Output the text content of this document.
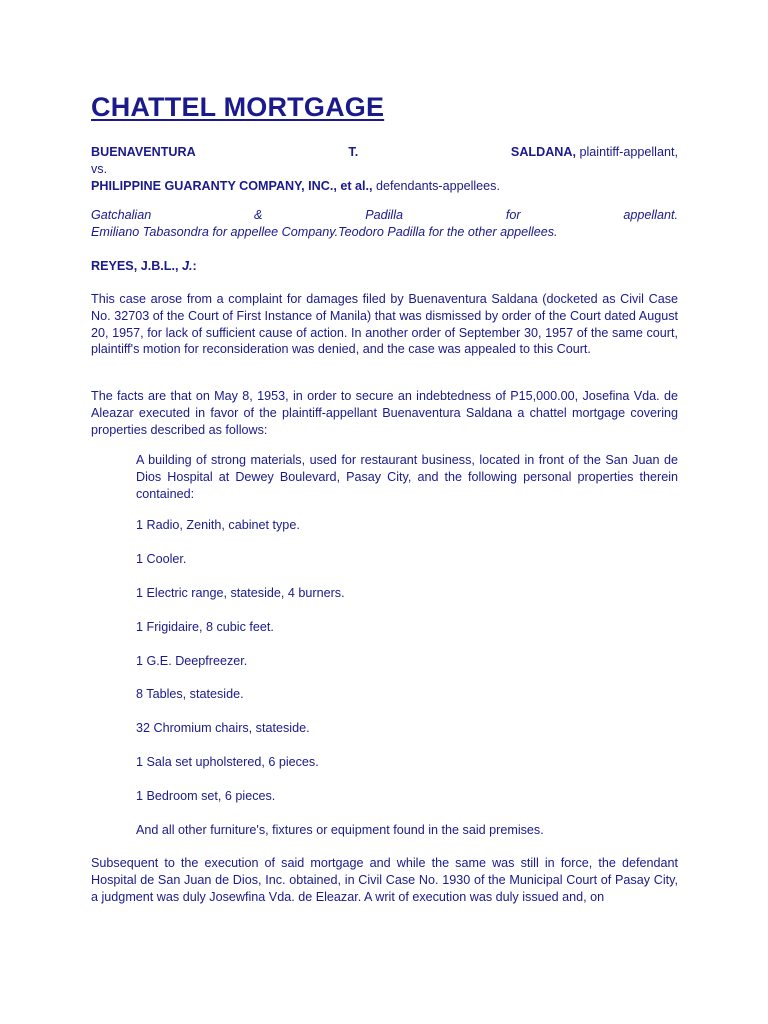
CHATTEL MORTGAGE
BUENAVENTURA	T.	SALDANA, plaintiff-appellant,
vs.
PHILIPPINE GUARANTY COMPANY, INC., et al., defendants-appellees.
Gatchalian	&	Padilla	for	appellant.
Emiliano Tabasondra for appellee Company.Teodoro Padilla for the other appellees.
REYES, J.B.L., J.:
This case arose from a complaint for damages filed by Buenaventura Saldana (docketed as Civil Case No. 32703 of the Court of First Instance of Manila) that was dismissed by order of the Court dated August 20, 1957, for lack of sufficient cause of action. In another order of September 30, 1957 of the same court, plaintiff's motion for reconsideration was denied, and the case was appealed to this Court.
The facts are that on May 8, 1953, in order to secure an indebtedness of P15,000.00, Josefina Vda. de Aleazar executed in favor of the plaintiff-appellant Buenaventura Saldana a chattel mortgage covering properties described as follows:
A building of strong materials, used for restaurant business, located in front of the San Juan de Dios Hospital at Dewey Boulevard, Pasay City, and the following personal properties therein contained:
1 Radio, Zenith, cabinet type.
1 Cooler.
1 Electric range, stateside, 4 burners.
1 Frigidaire, 8 cubic feet.
1 G.E. Deepfreezer.
8 Tables, stateside.
32 Chromium chairs, stateside.
1 Sala set upholstered, 6 pieces.
1 Bedroom set, 6 pieces.
And all other furniture's, fixtures or equipment found in the said premises.
Subsequent to the execution of said mortgage and while the same was still in force, the defendant Hospital de San Juan de Dios, Inc. obtained, in Civil Case No. 1930 of the Municipal Court of Pasay City, a judgment was duly Josewfina Vda. de Eleazar. A writ of execution was duly issued and, on
